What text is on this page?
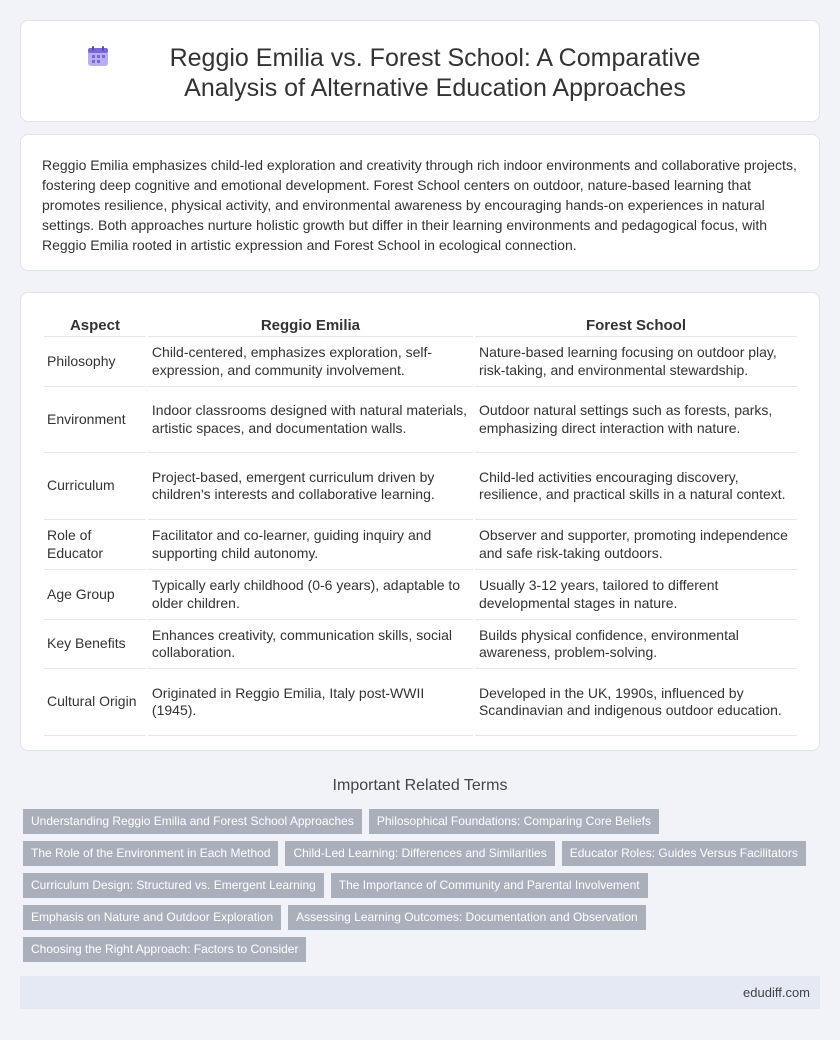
Reggio Emilia vs. Forest School: A Comparative Analysis of Alternative Education Approaches

Reggio Emilia emphasizes child-led exploration and creativity through rich indoor environments and collaborative projects, fostering deep cognitive and emotional development. Forest School centers on outdoor, nature-based learning that promotes resilience, physical activity, and environmental awareness by encouraging hands-on experiences in natural settings. Both approaches nurture holistic growth but differ in their learning environments and pedagogical focus, with Reggio Emilia rooted in artistic expression and Forest School in ecological connection.

Aspect	Reggio Emilia	Forest School
Philosophy	Child-centered, emphasizes exploration, self-expression, and community involvement.	Nature-based learning focusing on outdoor play, risk-taking, and environmental stewardship.
Environment	Indoor classrooms designed with natural materials, artistic spaces, and documentation walls.	Outdoor natural settings such as forests, parks, emphasizing direct interaction with nature.
Curriculum	Project-based, emergent curriculum driven by children's interests and collaborative learning.	Child-led activities encouraging discovery, resilience, and practical skills in a natural context.
Role of Educator	Facilitator and co-learner, guiding inquiry and supporting child autonomy.	Observer and supporter, promoting independence and safe risk-taking outdoors.
Age Group	Typically early childhood (0-6 years), adaptable to older children.	Usually 3-12 years, tailored to different developmental stages in nature.
Key Benefits	Enhances creativity, communication skills, social collaboration.	Builds physical confidence, environmental awareness, problem-solving.
Cultural Origin	Originated in Reggio Emilia, Italy post-WWII (1945).	Developed in the UK, 1990s, influenced by Scandinavian and indigenous outdoor education.
Important Related Terms
Understanding Reggio Emilia and Forest School Approaches	Philosophical Foundations: Comparing Core Beliefs
The Role of the Environment in Each Method	Child-Led Learning: Differences and Similarities	Educator Roles: Guides Versus Facilitators
Curriculum Design: Structured vs. Emergent Learning	The Importance of Community and Parental Involvement
Emphasis on Nature and Outdoor Exploration	Assessing Learning Outcomes: Documentation and Observation
Choosing the Right Approach: Factors to Consider
edudiff.com
